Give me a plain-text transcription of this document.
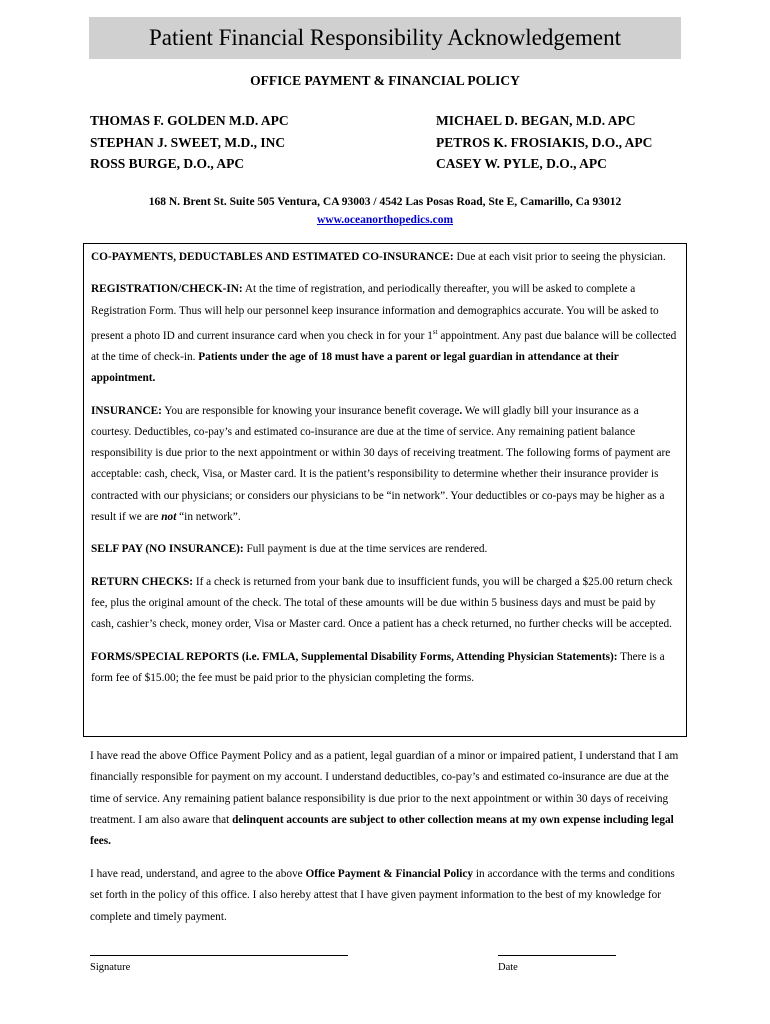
Patient Financial Responsibility Acknowledgement
OFFICE PAYMENT & FINANCIAL POLICY
THOMAS F. GOLDEN M.D. APC
STEPHAN J. SWEET, M.D., INC
ROSS BURGE, D.O., APC
MICHAEL D. BEGAN, M.D. APC
PETROS K. FROSIAKIS, D.O., APC
CASEY W. PYLE, D.O., APC
168 N. Brent St. Suite 505 Ventura, CA 93003 / 4542 Las Posas Road, Ste E, Camarillo, Ca 93012
www.oceanorthopedics.com

CO-PAYMENTS, DEDUCTABLES AND ESTIMATED CO-INSURANCE: Due at each visit prior to seeing the physician.

REGISTRATION/CHECK-IN: At the time of registration, and periodically thereafter, you will be asked to complete a Registration Form. Thus will help our personnel keep insurance information and demographics accurate. You will be asked to present a photo ID and current insurance card when you check in for your 1st appointment. Any past due balance will be collected at the time of check-in. Patients under the age of 18 must have a parent or legal guardian in attendance at their appointment.

INSURANCE: You are responsible for knowing your insurance benefit coverage. We will gladly bill your insurance as a courtesy. Deductibles, co-pay’s and estimated co-insurance are due at the time of service. Any remaining patient balance responsibility is due prior to the next appointment or within 30 days of receiving treatment. The following forms of payment are acceptable: cash, check, Visa, or Master card. It is the patient’s responsibility to determine whether their insurance provider is contracted with our physicians; or considers our physicians to be “in network”. Your deductibles or co-pays may be higher as a result if we are not “in network”.

SELF PAY (NO INSURANCE): Full payment is due at the time services are rendered.

RETURN CHECKS: If a check is returned from your bank due to insufficient funds, you will be charged a $25.00 return check fee, plus the original amount of the check. The total of these amounts will be due within 5 business days and must be paid by cash, cashier’s check, money order, Visa or Master card. Once a patient has a check returned, no further checks will be accepted.

FORMS/SPECIAL REPORTS (i.e. FMLA, Supplemental Disability Forms, Attending Physician Statements): There is a form fee of $15.00; the fee must be paid prior to the physician completing the forms.

I have read the above Office Payment Policy and as a patient, legal guardian of a minor or impaired patient, I understand that I am financially responsible for payment on my account. I understand deductibles, co-pay’s and estimated co-insurance are due at the time of service. Any remaining patient balance responsibility is due prior to the next appointment or within 30 days of receiving treatment. I am also aware that delinquent accounts are subject to other collection means at my own expense including legal fees.

I have read, understand, and agree to the above Office Payment & Financial Policy in accordance with the terms and conditions set forth in the policy of this office. I also hereby attest that I have given payment information to the best of my knowledge for complete and timely payment.

Signature	Date
